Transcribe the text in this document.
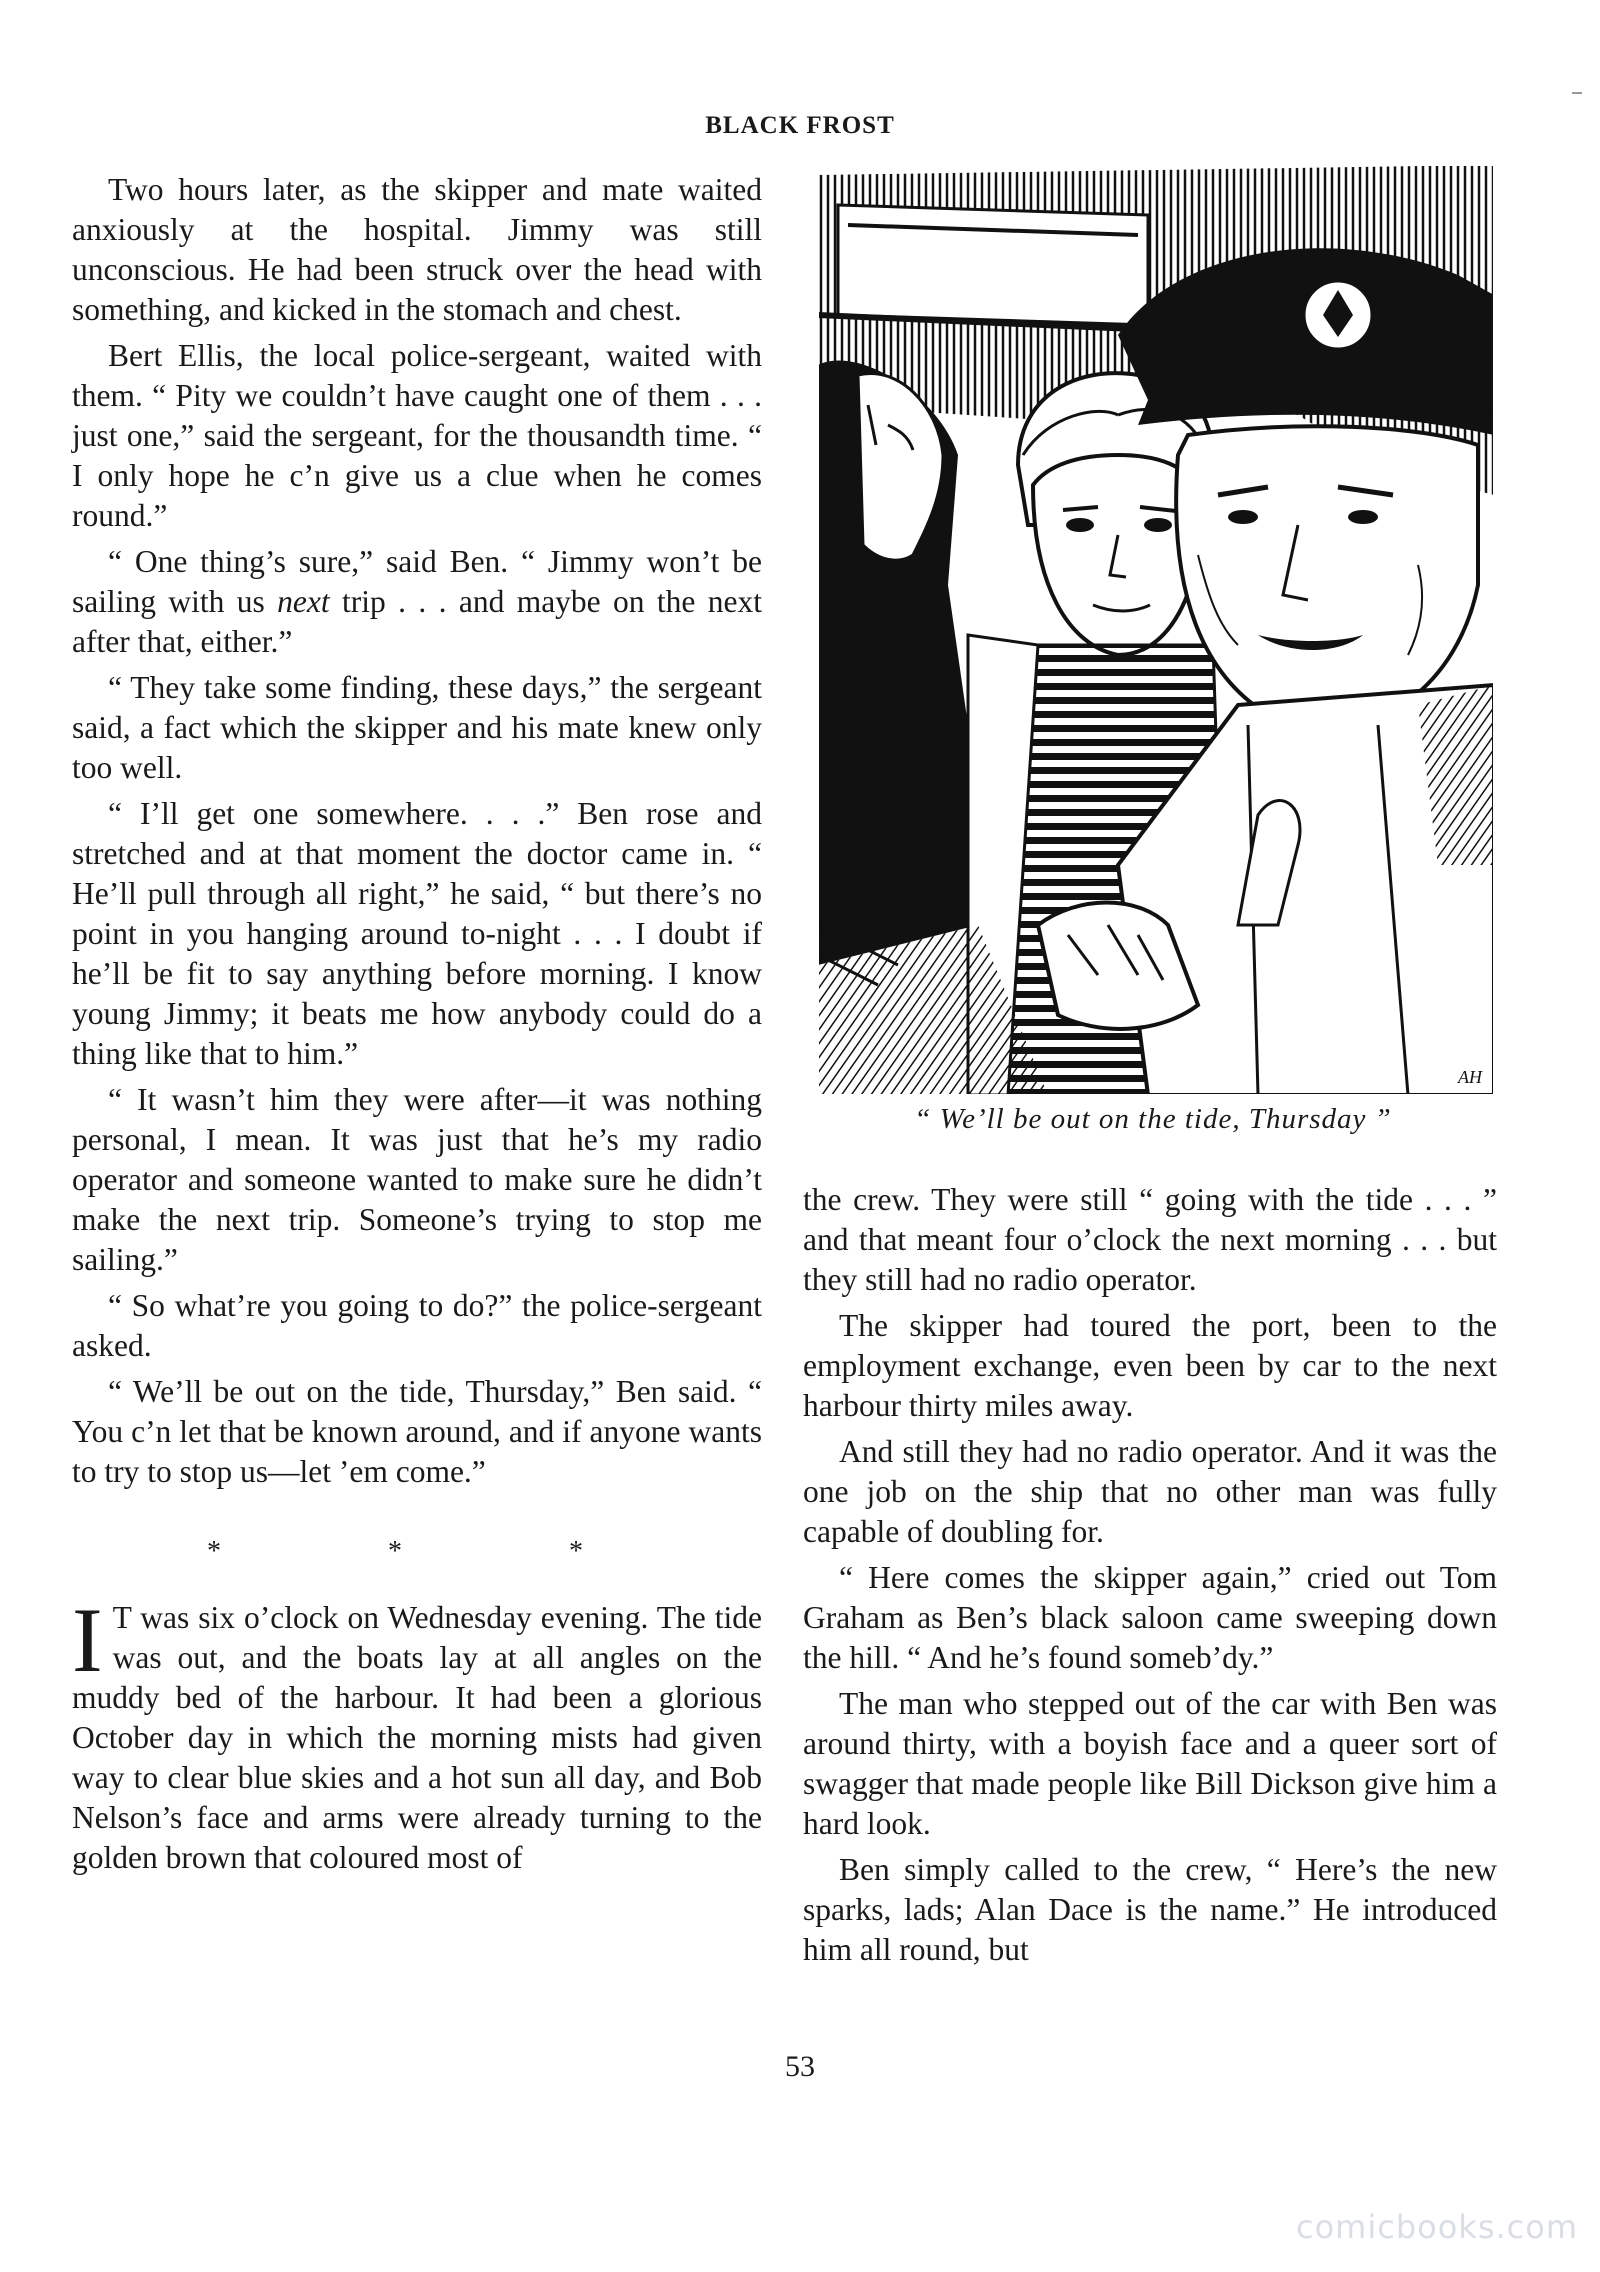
BLACK FROST

Two hours later, as the skipper and mate waited anxiously at the hospital. Jimmy was still unconscious. He had been struck over the head with something, and kicked in the stomach and chest.

Bert Ellis, the local police-sergeant, waited with them. “ Pity we couldn’t have caught one of them . . . just one,” said the sergeant, for the thousandth time. “ I only hope he c’n give us a clue when he comes round.”

“ One thing’s sure,” said Ben. “ Jimmy won’t be sailing with us next trip . . . and maybe on the next after that, either.”

“ They take some finding, these days,” the sergeant said, a fact which the skipper and his mate knew only too well.

“ I’ll get one somewhere. . . .” Ben rose and stretched and at that moment the doctor came in. “ He’ll pull through all right,” he said, “ but there’s no point in you hanging around to-night . . . I doubt if he’ll be fit to say anything before morning. I know young Jimmy; it beats me how anybody could do a thing like that to him.”

“ It wasn’t him they were after—it was nothing personal, I mean. It was just that he’s my radio operator and someone wanted to make sure he didn’t make the next trip. Someone’s trying to stop me sailing.”

“ So what’re you going to do?” the police-sergeant asked.

“ We’ll be out on the tide, Thursday,” Ben said. “ You c’n let that be known around, and if anyone wants to try to stop us—let ’em come.”

* * *

I T was six o’clock on Wednesday evening. The tide was out, and the boats lay at all angles on the muddy bed of the harbour. It had been a glorious October day in which the morning mists had given way to clear blue skies and a hot sun all day, and Bob Nelson’s face and arms were already turning to the golden brown that coloured most of

AH
“ We’ll be out on the tide, Thursday ”

the crew. They were still “ going with the tide . . . ” and that meant four o’clock the next morning . . . but they still had no radio operator.

The skipper had toured the port, been to the employment exchange, even been by car to the next harbour thirty miles away.

And still they had no radio operator. And it was the one job on the ship that no other man was fully capable of doubling for.

“ Here comes the skipper again,” cried out Tom Graham as Ben’s black saloon came sweeping down the hill. “ And he’s found someb’dy.”

The man who stepped out of the car with Ben was around thirty, with a boyish face and a queer sort of swagger that made people like Bill Dickson give him a hard look.

Ben simply called to the crew, “ Here’s the new sparks, lads; Alan Dace is the name.” He introduced him all round, but

53
comicbooks.com
